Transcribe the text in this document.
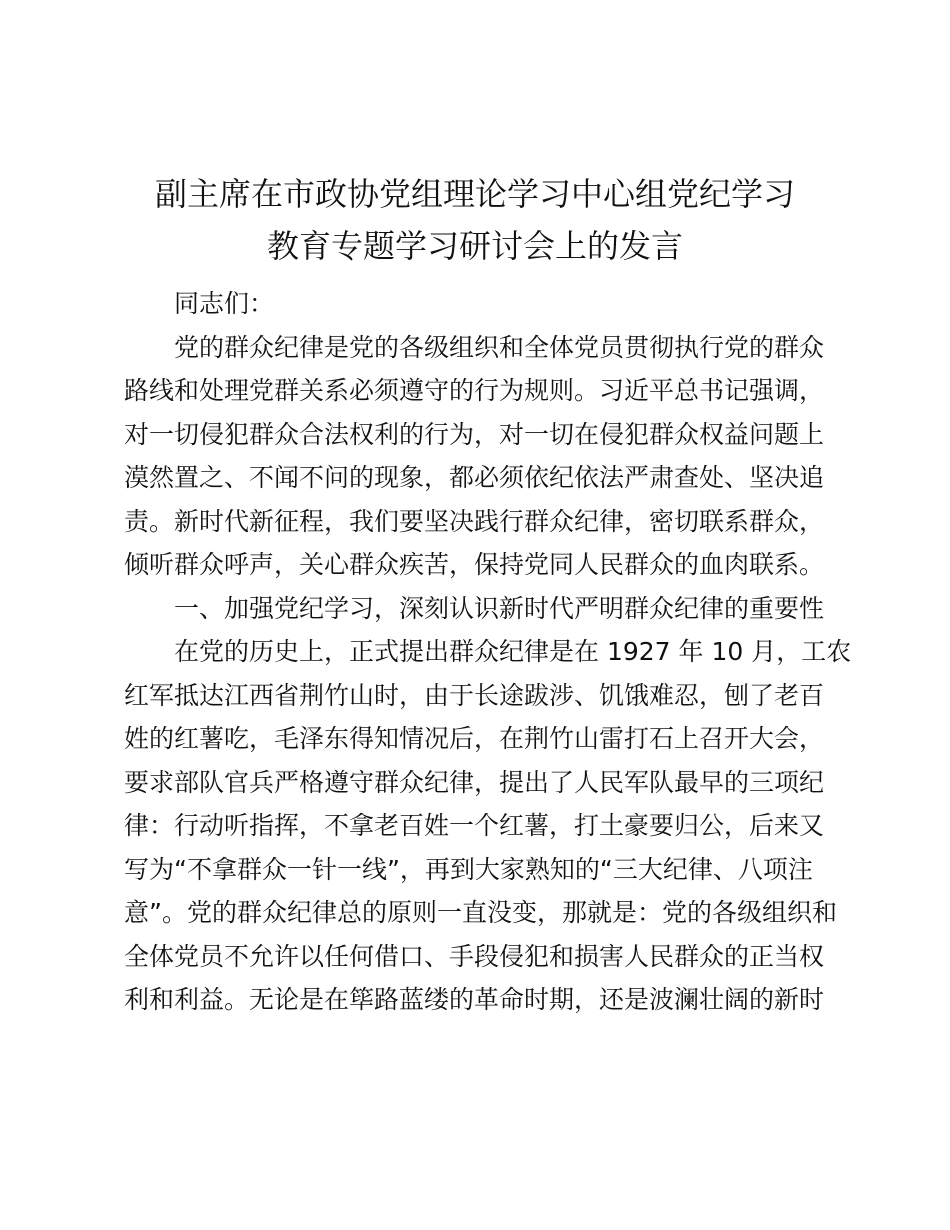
副主席在市政协党组理论学习中心组党纪学习
教育专题学习研讨会上的发言

同志们：

党的群众纪律是党的各级组织和全体党员贯彻执行党的群众
路线和处理党群关系必须遵守的行为规则。习近平总书记强调，
对一切侵犯群众合法权利的行为，对一切在侵犯群众权益问题上
漠然置之、不闻不问的现象，都必须依纪依法严肃查处、坚决追
责。新时代新征程，我们要坚决践行群众纪律，密切联系群众，
倾听群众呼声，关心群众疾苦，保持党同人民群众的血肉联系。

一、加强党纪学习，深刻认识新时代严明群众纪律的重要性

在党的历史上，正式提出群众纪律是在 1927 年 10 月，工农
红军抵达江西省荆竹山时，由于长途跋涉、饥饿难忍，刨了老百
姓的红薯吃，毛泽东得知情况后，在荆竹山雷打石上召开大会，
要求部队官兵严格遵守群众纪律，提出了人民军队最早的三项纪
律：行动听指挥，不拿老百姓一个红薯，打土豪要归公，后来又
写为“不拿群众一针一线”，再到大家熟知的“三大纪律、八项注
意”。党的群众纪律总的原则一直没变，那就是：党的各级组织和
全体党员不允许以任何借口、手段侵犯和损害人民群众的正当权
利和利益。无论是在筚路蓝缕的革命时期，还是波澜壮阔的新时
